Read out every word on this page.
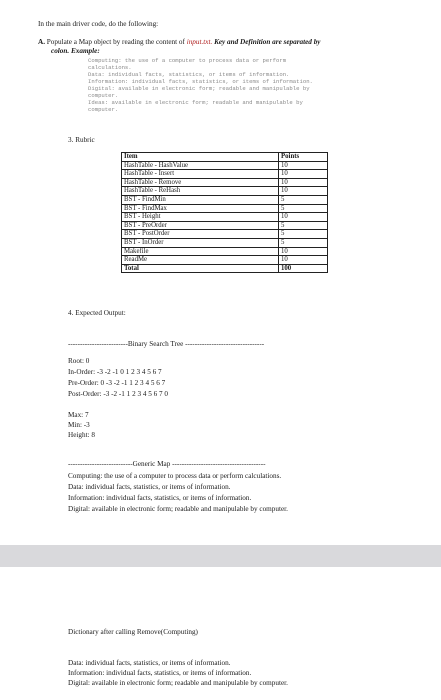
In the main driver code, do the following:
A. Populate a Map object by reading the content of input.txt. Key and Definition are separated by
colon. Example:
Computing: the use of a computer to process data or perform
calculations.
Data: individual facts, statistics, or items of information.
Information: individual facts, statistics, or items of information.
Digital: available in electronic form; readable and manipulable by
computer.
Ideas: available in electronic form; readable and manipulable by
computer.
3. Rubric
Item	Points
HashTable - HashValue	10
HashTable - Insert	10
HashTable - Remove	10
HashTable - ReHash	10
BST - FindMin	5
BST - FindMax	5
BST - Height	10
BST - PreOrder	5
BST - PostOrder	5
BST - InOrder	5
Makefile	10
ReadMe	10
Total	100
4. Expected Output:
-------------------------Binary Search Tree ---------------------------------
Root: 0
In-Order: -3 -2 -1 0 1 2 3 4 5 6 7
Pre-Order: 0 -3 -2 -1 1 2 3 4 5 6 7
Post-Order: -3 -2 -1 1 2 3 4 5 6 7 0
Max: 7
Min: -3
Height: 8
---------------------------Generic Map ---------------------------------------
Computing: the use of a computer to process data or perform calculations.
Data: individual facts, statistics, or items of information.
Information: individual facts, statistics, or items of information.
Digital: available in electronic form; readable and manipulable by computer.
Dictionary after calling Remove(Computing)
Data: individual facts, statistics, or items of information.
Information: individual facts, statistics, or items of information.
Digital: available in electronic form; readable and manipulable by computer.
